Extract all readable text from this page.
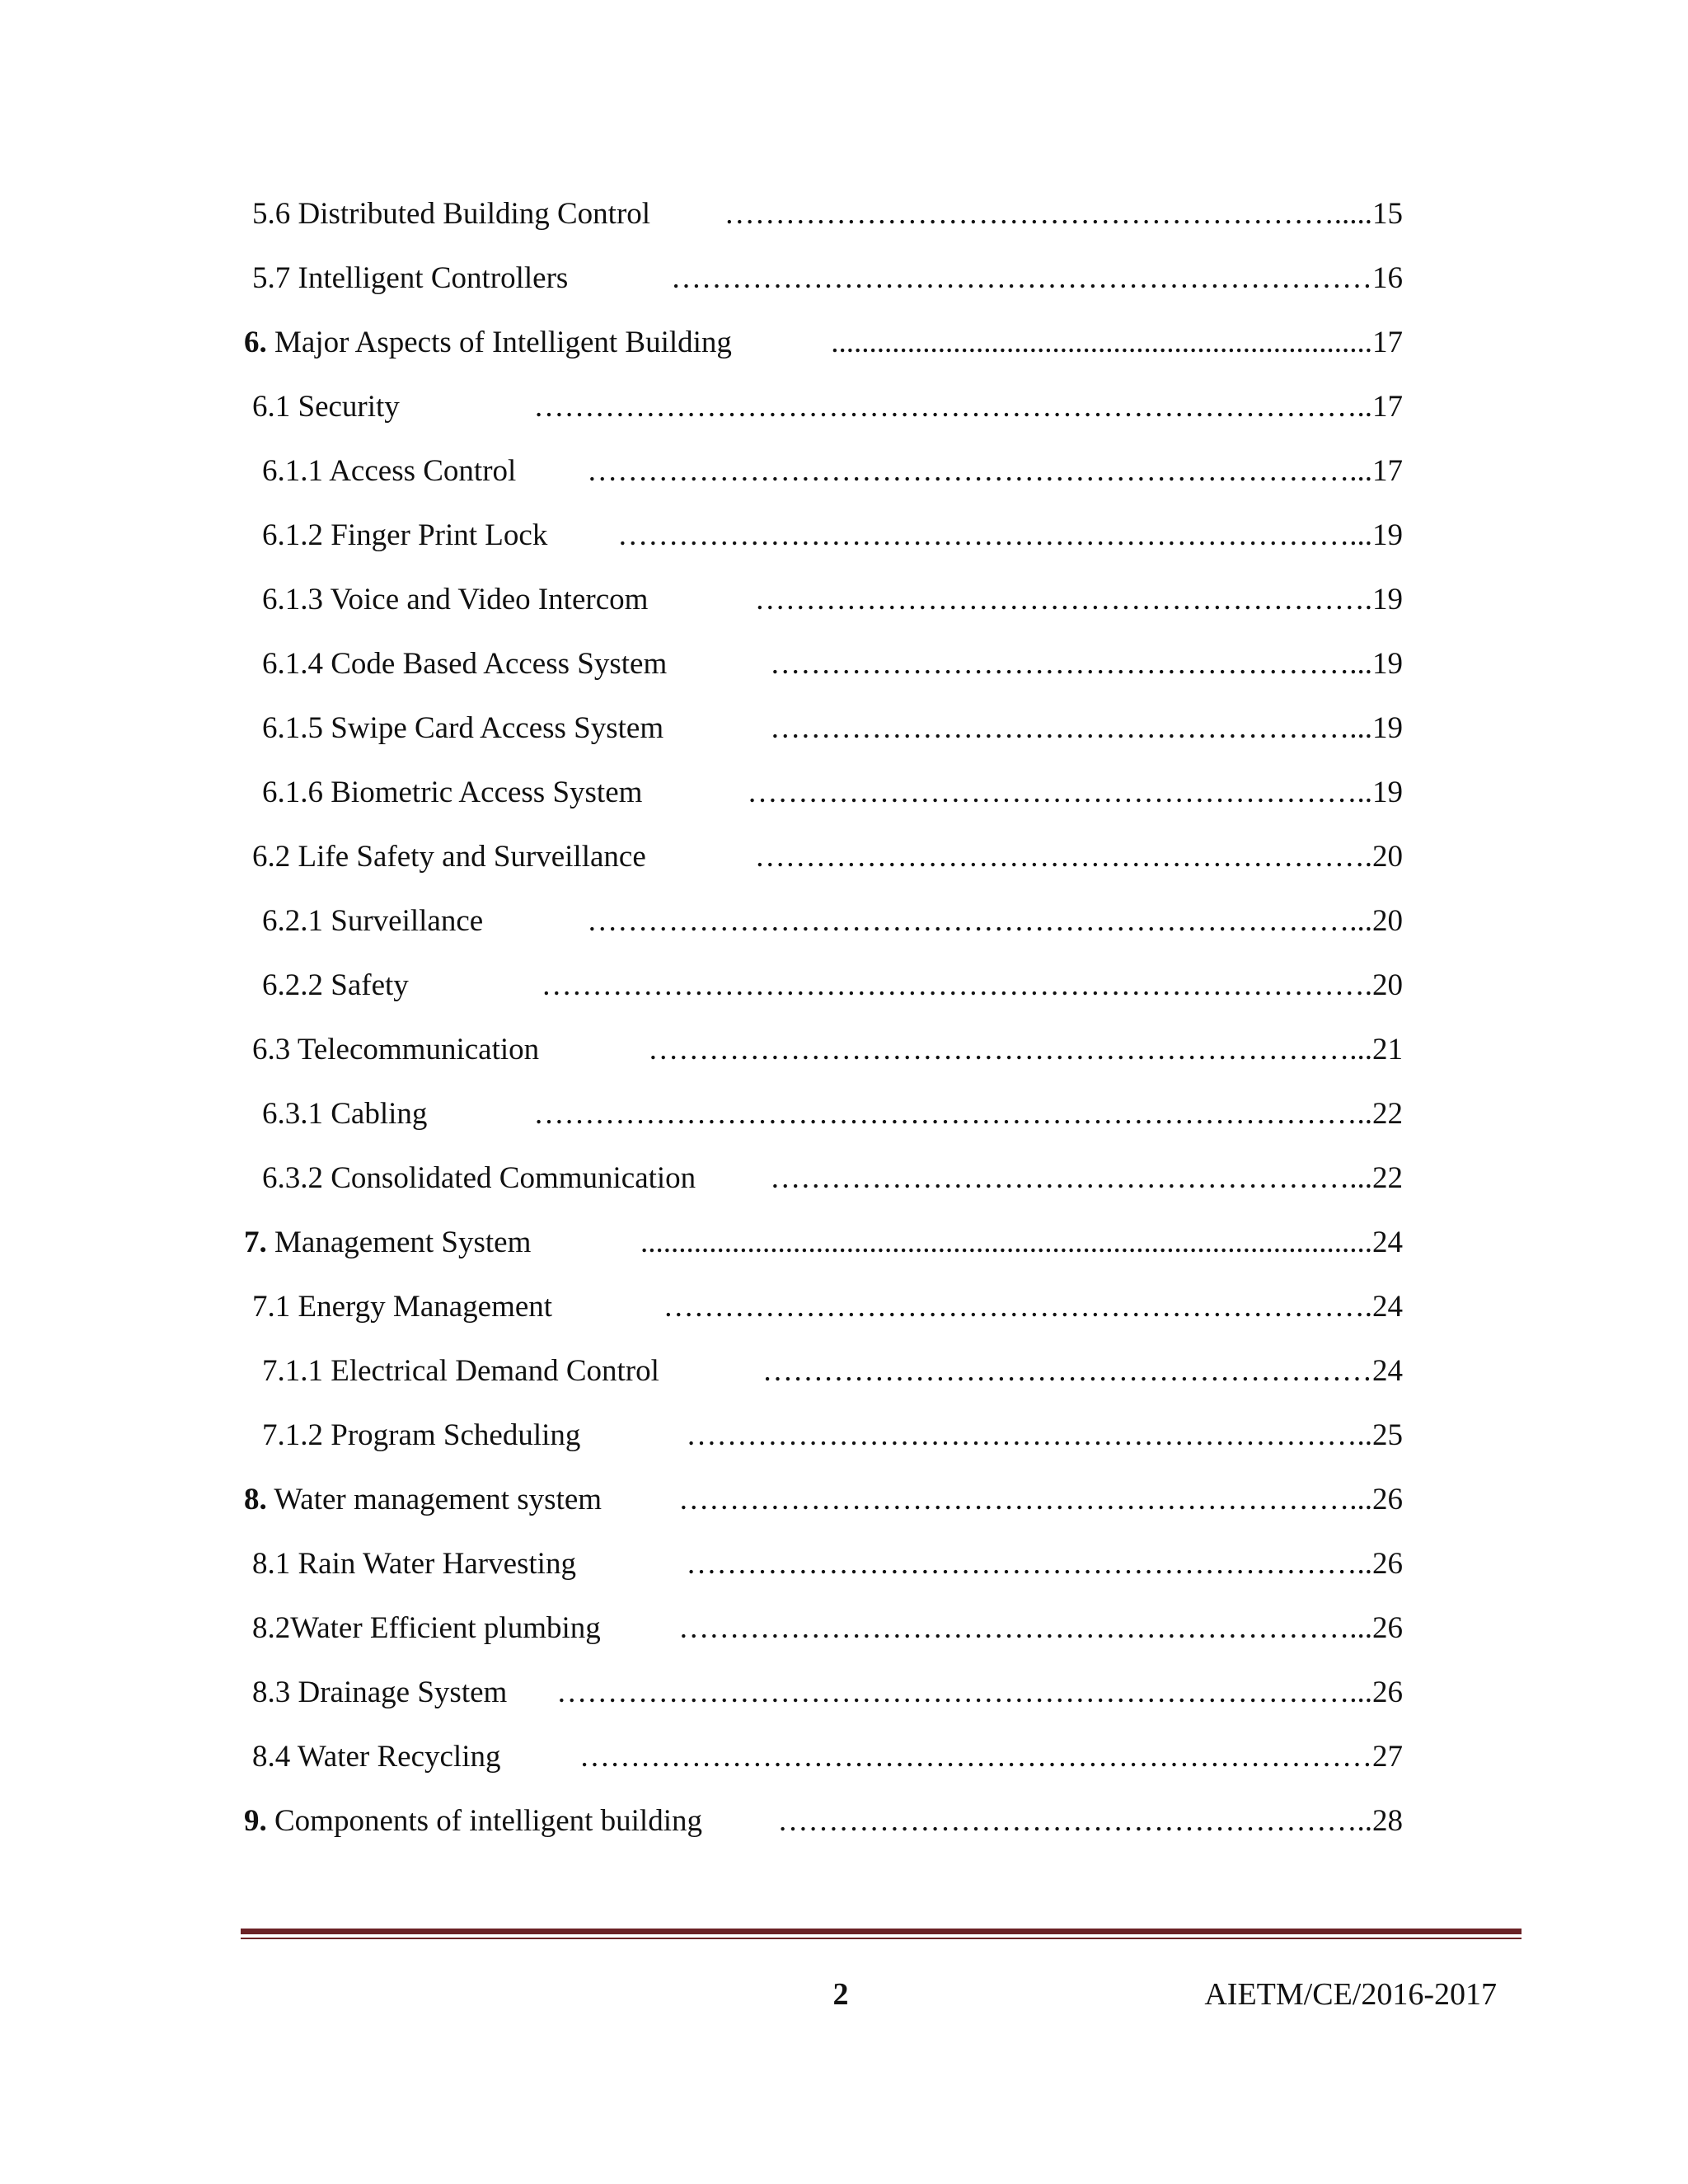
5.6 Distributed Building Control	……………………………………………………..... 15
5.7 Intelligent Controllers	…………………………………………………………… 16
6. Major Aspects of Intelligent Building	....................................................................... 17
6.1 Security	……………………………………………………………………….. 17
6.1.1 Access Control	…………………………………………………………………... 17
6.1.2 Finger Print Lock	………………………………………………………………... 19
6.1.3 Voice and Video Intercom	……………………………………………………. 19
6.1.4 Code Based Access System	…………………………………………………... 19
6.1.5 Swipe Card Access System	…………………………………………………... 19
6.1.6 Biometric Access System	…………………………………………………….. 19
6.2 Life Safety and Surveillance	……………………………………………………. 20
6.2.1 Surveillance	…………………………………………………………………... 20
6.2.2 Safety	………………………………………………………………………. 20
6.3 Telecommunication	……………………………………………………………... 21
6.3.1 Cabling	……………………………………………………………………….. 22
6.3.2 Consolidated Communication	…………………………………………………... 22
7. Management System	................................................................................................ 24
7.1 Energy Management	……………………………………………………………. 24
7.1.1 Electrical Demand Control	…………………………………………………… 24
7.1.2 Program Scheduling	………………………………………………………….. 25
8. Water management system	…………………………………………………………... 26
8.1 Rain Water Harvesting	………………………………………………………….. 26
8.2Water Efficient plumbing	…………………………………………………………... 26
8.3 Drainage System	……………………………………………………………………... 26
8.4 Water Recycling	…………………………………………………………………… 27
9. Components of intelligent building	………………………………………………….. 28
2	AIETM/CE/2016-2017
